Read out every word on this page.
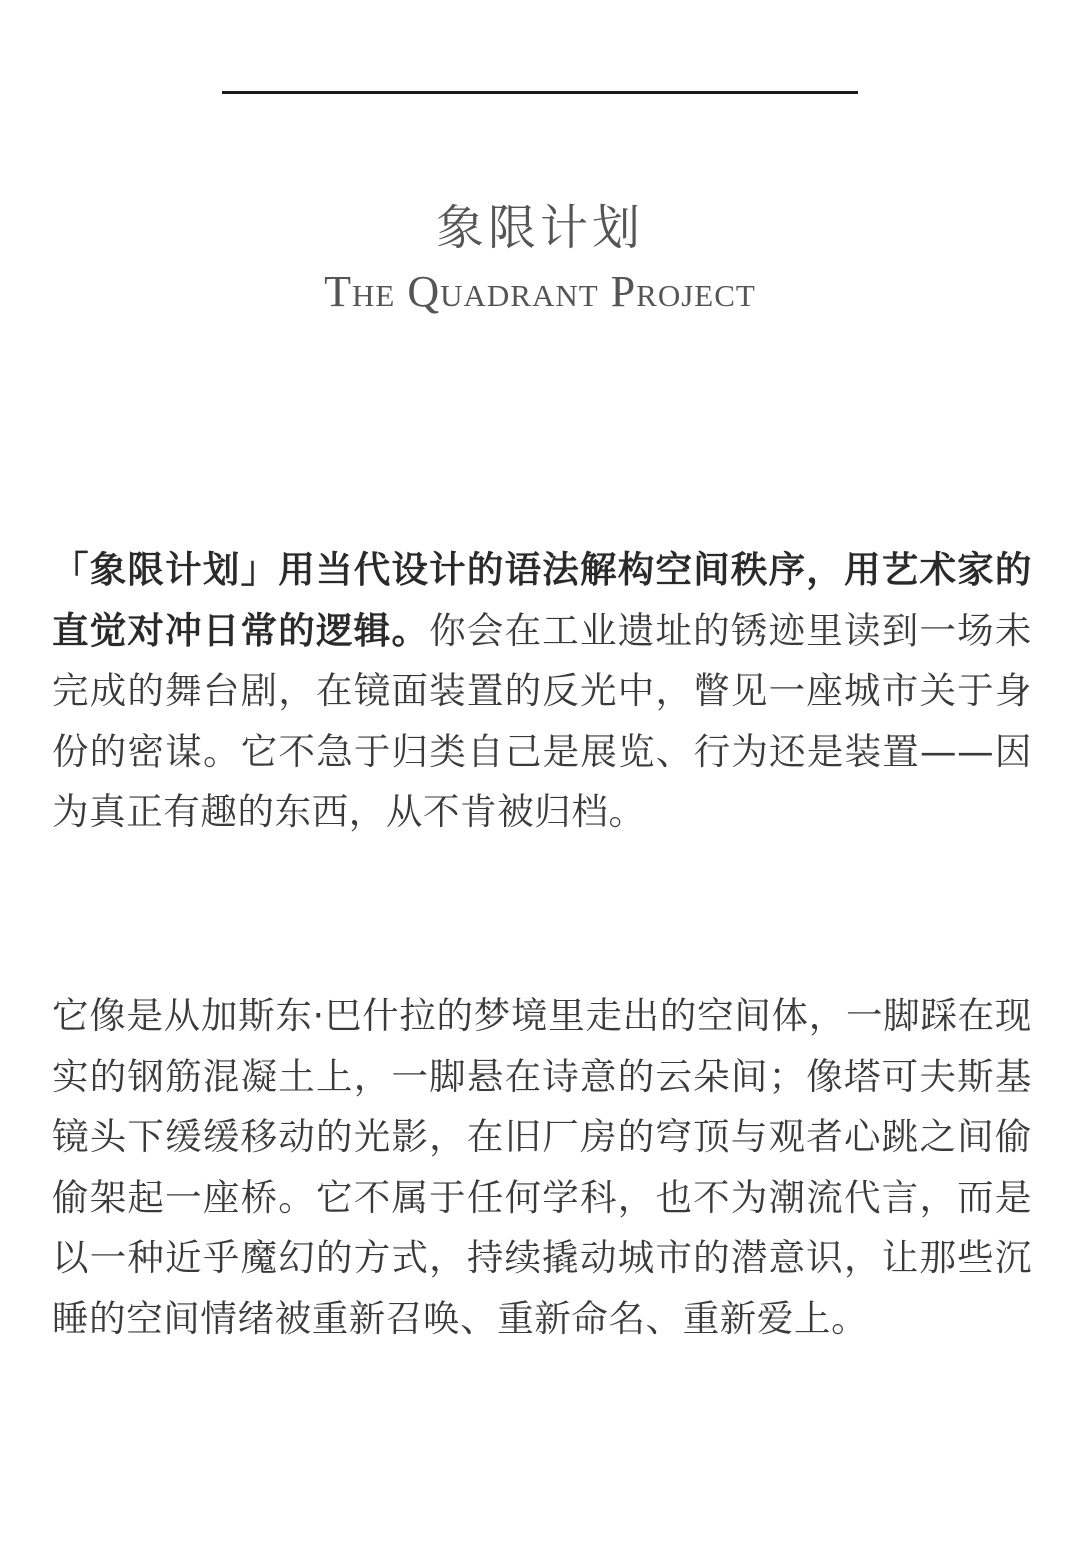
象限计划
The Quadrant Project

「象限计划」用当代设计的语法解构空间秩序，用艺术家的直觉对冲日常的逻辑。你会在工业遗址的锈迹里读到一场未完成的舞台剧，在镜面装置的反光中，瞥见一座城市关于身份的密谋。它不急于归类自己是展览、行为还是装置——因为真正有趣的东西，从不肯被归档。

它像是从加斯东·巴什拉的梦境里走出的空间体，一脚踩在现实的钢筋混凝土上，一脚悬在诗意的云朵间；像塔可夫斯基镜头下缓缓移动的光影，在旧厂房的穹顶与观者心跳之间偷偷架起一座桥。它不属于任何学科，也不为潮流代言，而是以一种近乎魔幻的方式，持续撬动城市的潜意识，让那些沉睡的空间情绪被重新召唤、重新命名、重新爱上。
